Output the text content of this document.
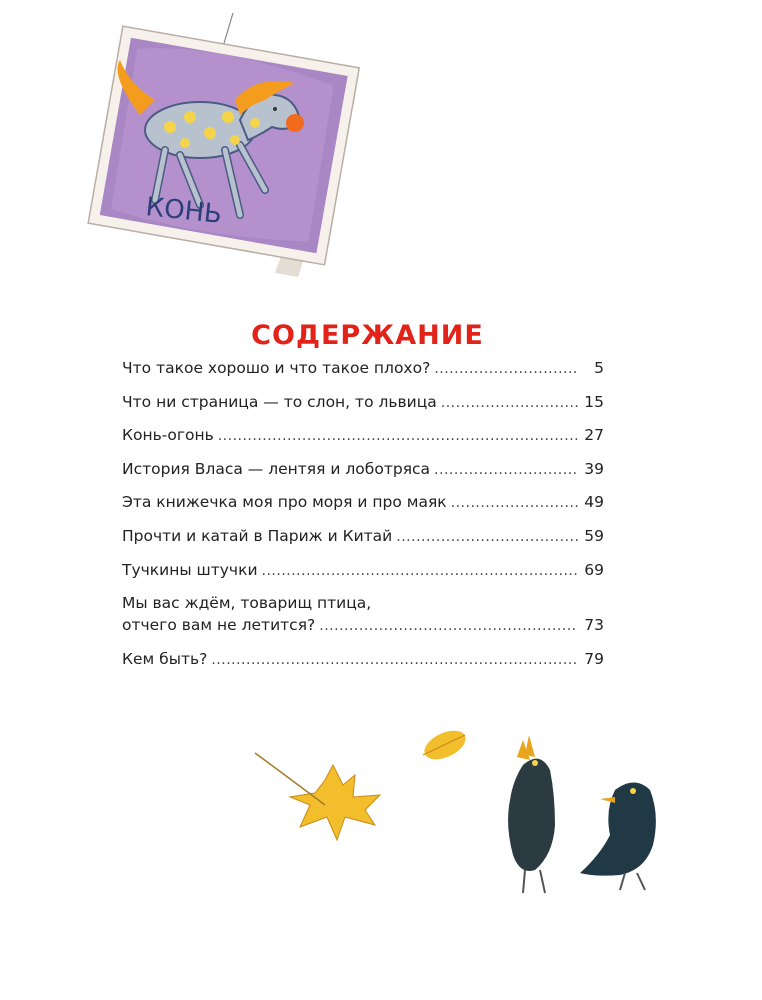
КОНЬ
СОДЕРЖАНИЕ
Что такое хорошо и что такое плохо? .....	5
Что ни страница — то слон, то львица .....	15
Конь-огонь .....	27
История Власа — лентяя и лоботряса .....	39
Эта книжечка моя про моря и про маяк .....	49
Прочти и катай в Париж и Китай .....	59
Тучкины штучки .....	69
Мы вас ждём, товарищ птица,
отчего вам не летится? .....	73
Кем быть? .....	79
